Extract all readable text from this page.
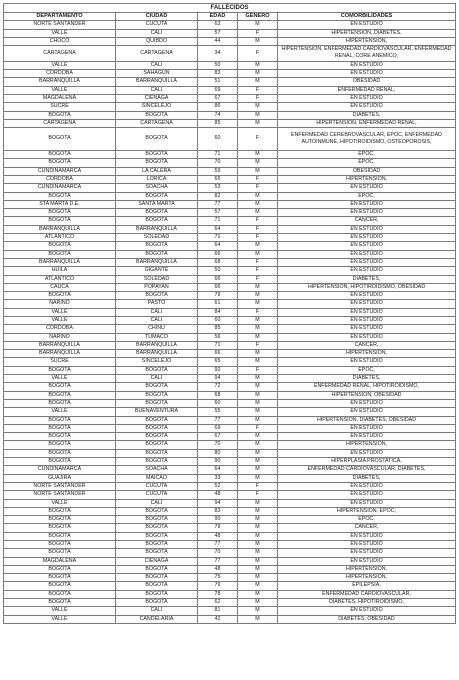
FALLECIDOS				
DEPARTAMENTO	CIUDAD	EDAD	GÉNERO	COMORBILIDADES
NORTE SANTANDER	CUCUTA	63	M	EN ESTUDIO
VALLE	CALI	57	F	HIPERTENSION, DIABETES,
CHOCO	QUIBDO	44	M	HIPERTENSION,
CARTAGENA	CARTAGENA	34	F	HIPERTENSION, ENFERMEDAD CARDIOVASCULAR, ENFERMEDAD RENAL, CORE ANEMICO,
VALLE	CALI	50	M	EN ESTUDIO
CORDOBA	SAHAGUN	83	M	EN ESTUDIO
BARRANQUILLA	BARRANQUILLA	51	M	OBESIDAD
VALLE	CALI	69	F	ENFERMEDAD RENAL,
MAGDALENA	CIENAGA	67	F	EN ESTUDIO
SUCRE	SINCELEJO	86	M	EN ESTUDIO
BOGOTA	BOGOTA	74	M	DIABETES,
CARTAGENA	CARTAGENA	85	M	HIPERTENSION, ENFERMEDAD RENAL,
BOGOTA	BOGOTA	60	F	ENFERMEDAD CEREBROVASCULAR, EPOC, ENFERMEDAD AUTOINMUNE, HIPOTIROIDISMO, OSTEOPOROSIS,
BOGOTA	BOGOTA	71	M	EPOC,
BOGOTA	BOGOTA	70	M	EPOC,
CUNDINAMARCA	LA CALERA	59	M	OBESIDAD
CORDOBA	LORICA	66	F	HIPERTENSION,
CUNDINAMARCA	SOACHA	53	F	EN ESTUDIO
BOGOTA	BOGOTA	82	M	EPOC,
STA MARTA D.E.	SANTA MARTA	77	M	EN ESTUDIO
BOGOTA	BOGOTA	57	M	EN ESTUDIO
BOGOTA	BOGOTA	71	F	CANCER,
BARRANQUILLA	BARRANQUILLA	64	F	EN ESTUDIO
ATLANTICO	SOLEDAD	71	F	EN ESTUDIO
BOGOTA	BOGOTA	64	M	EN ESTUDIO
BOGOTA	BOGOTA	66	M	EN ESTUDIO
BARRANQUILLA	BARRANQUILLA	68	F	EN ESTUDIO
HUILA	GIGANTE	50	F	EN ESTUDIO
ATLANTICO	SOLEDAD	66	F	DIABETES,
CAUCA	POPAYAN	66	M	HIPERTENSION, HIPOTIROIDISMO, OBESIDAD
BOGOTA	BOGOTA	79	M	EN ESTUDIO
NARIÑO	PASTO	61	M	EN ESTUDIO
VALLE	CALI	84	F	EN ESTUDIO
VALLE	CALI	60	M	EN ESTUDIO
CORDOBA	CHINU	85	M	EN ESTUDIO
NARIÑO	TUMACO	56	M	EN ESTUDIO
BARRANQUILLA	BARRANQUILLA	71	F	CANCER,
BARRANQUILLA	BARRANQUILLA	66	M	HIPERTENSION,
SUCRE	SINCELEJO	65	M	EN ESTUDIO
BOGOTA	BOGOTA	92	F	EPOC,
VALLE	CALI	94	M	DIABETES,
BOGOTA	BOGOTA	72	M	ENFERMEDAD RENAL, HIPOTIROIDISMO,
BOGOTA	BOGOTA	68	M	HIPERTENSION, OBESIDAD
BOGOTA	BOGOTA	60	M	EN ESTUDIO
VALLE	BUENAVENTURA	55	M	EN ESTUDIO
BOGOTA	BOGOTA	77	M	HIPERTENSION, DIABETES, OBESIDAD
BOGOTA	BOGOTA	69	F	EN ESTUDIO
BOGOTA	BOGOTA	67	M	EN ESTUDIO
BOGOTA	BOGOTA	70	M	HIPERTENSION,
BOGOTA	BOGOTA	80	M	EN ESTUDIO
BOGOTA	BOGOTA	90	M	HIPERPLASIA PROSTATICA,
CUNDINAMARCA	SOACHA	64	M	ENFERMEDAD CARDIOVASCULAR, DIABETES,
GUAJIRA	MAICAO	33	M	DIABETES,
NORTE SANTANDER	CUCUTA	52	F	EN ESTUDIO
NORTE SANTANDER	CUCUTA	48	F	EN ESTUDIO
VALLE	CALI	94	M	EN ESTUDIO
BOGOTA	BOGOTA	83	M	HIPERTENSION, EPOC,
BOGOTA	BOGOTA	90	M	EPOC,
BOGOTA	BOGOTA	79	M	CANCER,
BOGOTA	BOGOTA	48	M	EN ESTUDIO
BOGOTA	BOGOTA	77	M	EN ESTUDIO
BOGOTA	BOGOTA	70	M	EN ESTUDIO
MAGDALENA	CIENAGA	77	M	EN ESTUDIO
BOGOTA	BOGOTA	48	M	HIPERTENSION,
BOGOTA	BOGOTA	75	M	HIPERTENSION,
BOGOTA	BOGOTA	79	M	EPILEPSIA,
BOGOTA	BOGOTA	78	M	ENFERMEDAD CARDIOVASCULAR,
BOGOTA	BOGOTA	62	M	DIABETES, HIPOTIROIDISMO,
VALLE	CALI	81	M	EN ESTUDIO
VALLE	CANDELARIA	42	M	DIABETES, OBESIDAD
